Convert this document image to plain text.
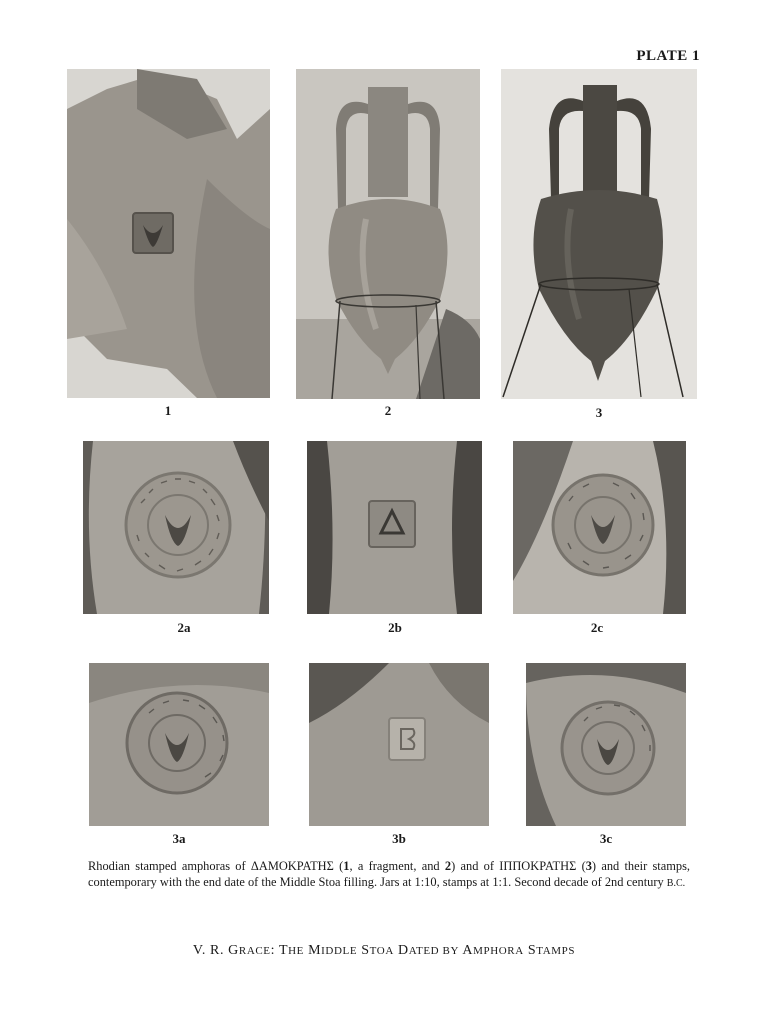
PLATE 1
1	2	3
2a	2b	2c
3a	3b	3c
Rhodian stamped amphoras of ΔΑΜΟΚΡΑΤΗΣ (1, a fragment, and 2) and of ΙΠΠΟΚΡΑΤΗΣ (3) and their stamps, contemporary with the end date of the Middle Stoa filling. Jars at 1:10, stamps at 1:1. Second decade of 2nd century B.C.
V. R. GRACE: THE MIDDLE STOA DATED BY AMPHORA STAMPS
